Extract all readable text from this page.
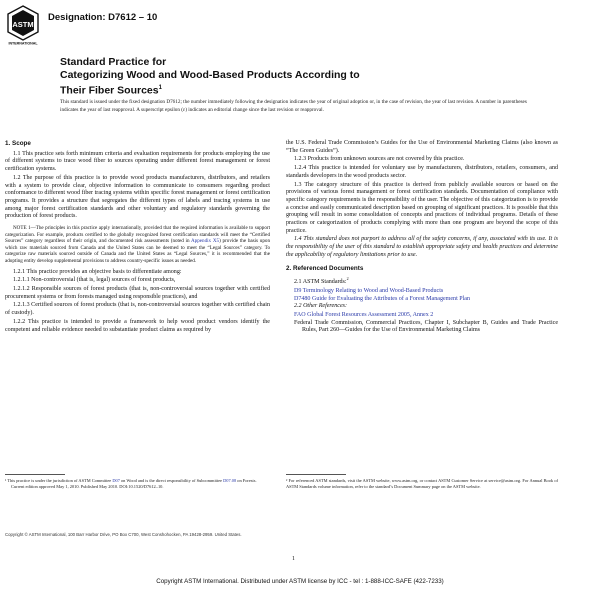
ASTM
INTERNATIONAL
Designation: D7612 – 10
Standard Practice for
Categorizing Wood and Wood-Based Products According to
Their Fiber Sources$^1$
This standard is issued under the fixed designation D7612; the number immediately following the designation indicates the year of original adoption or, in the case of revision, the year of last revision. A number in parentheses indicates the year of last reapproval. A superscript epsilon (ε) indicates an editorial change since the last revision or reapproval.
1. Scope

1.1 This practice sets forth minimum criteria and evaluation requirements for products employing the use of different systems to trace wood fiber to sources operating under different forest management or forest certification systems.

1.2 The purpose of this practice is to provide wood products manufacturers, distributors, and retailers with a system to provide clear, objective information to communicate to consumers regarding product conformance to different wood fiber tracing systems within specific forest management or forest certification programs. It provides a structure that segregates the different types of labels and tracing systems in use among major forest certification standards and other voluntary and regulatory standards governing the production of forest products.

NOTE 1—The principles in this practice apply internationally, provided that the required information is available to support categorization. For example, products certified to the globally recognized forest certification standards will meet the “Certified Sources” category regardless of their origin, and documented risk assessments (noted in Appendix X5) provide the basis upon which raw materials sourced from Canada and the United States can be deemed to meet the “Legal Sources” category. To categorize raw materials sourced outside of Canada and the United States as “Legal Sources,” it is recommended that the adopting entity develop supplemental provisions to address country-specific issues as needed.

1.2.1 This practice provides an objective basis to differentiate among:

1.2.1.1 Non-controversial (that is, legal) sources of forest products,

1.2.1.2 Responsible sources of forest products (that is, non-controversial sources together with certified procurement systems or from forests managed using responsible practices), and

1.2.1.3 Certified sources of forest products (that is, non-controversial sources together with certified chain of custody).

1.2.2 This practice is intended to provide a framework to help wood product vendors identify the competent and reliable evidence needed to substantiate product claims as required by

the U.S. Federal Trade Commission’s Guides for the Use of Environmental Marketing Claims (also known as “The Green Guides”).

1.2.3 Products from unknown sources are not covered by this practice.

1.2.4 This practice is intended for voluntary use by manufacturers, distributors, retailers, consumers, and standards developers in the wood products sector.

1.3 The category structure of this practice is derived from publicly available sources or based on the provisions of various forest management or forest certification standards. Documentation of compliance with specific category requirements is the responsibility of the user. The objective of this categorization is to provide a concise and easily communicated description based on grouping of significant practices. It is possible that this grouping will result in some consolidation of concepts and practices of individual programs. Details of these practices or categorization of products complying with more than one program are beyond the scope of this practice.

1.4 This standard does not purport to address all of the safety concerns, if any, associated with its use. It is the responsibility of the user of this standard to establish appropriate safety and health practices and determine the applicability of regulatory limitations prior to use.

2. Referenced Documents

2.1 ASTM Standards:$^2$

D9 Terminology Relating to Wood and Wood-Based Products

D7480 Guide for Evaluating the Attributes of a Forest Management Plan

2.2 Other References:

FAO Global Forest Resources Assessment 2005, Annex 2

Federal Trade Commission, Commercial Practices, Chapter I, Subchapter B, Guides and Trade Practice Rules, Part 260—Guides for the Use of Environmental Marketing Claims

¹ This practice is under the jurisdiction of ASTM Committee D07 on Wood and is the direct responsibility of Subcommittee D07.08 on Forests.
Current edition approved May 1, 2010. Published May 2010. DOI:10.1520/D7612–10.
² For referenced ASTM standards, visit the ASTM website, www.astm.org, or contact ASTM Customer Service at service@astm.org. For Annual Book of ASTM Standards volume information, refer to the standard’s Document Summary page on the ASTM website.
Copyright © ASTM International, 100 Barr Harbor Drive, PO Box C700, West Conshohocken, PA 19428-2959. United States.
1
Copyright ASTM International. Distributed under ASTM license by ICC - tel : 1-888-ICC-SAFE (422-7233)
